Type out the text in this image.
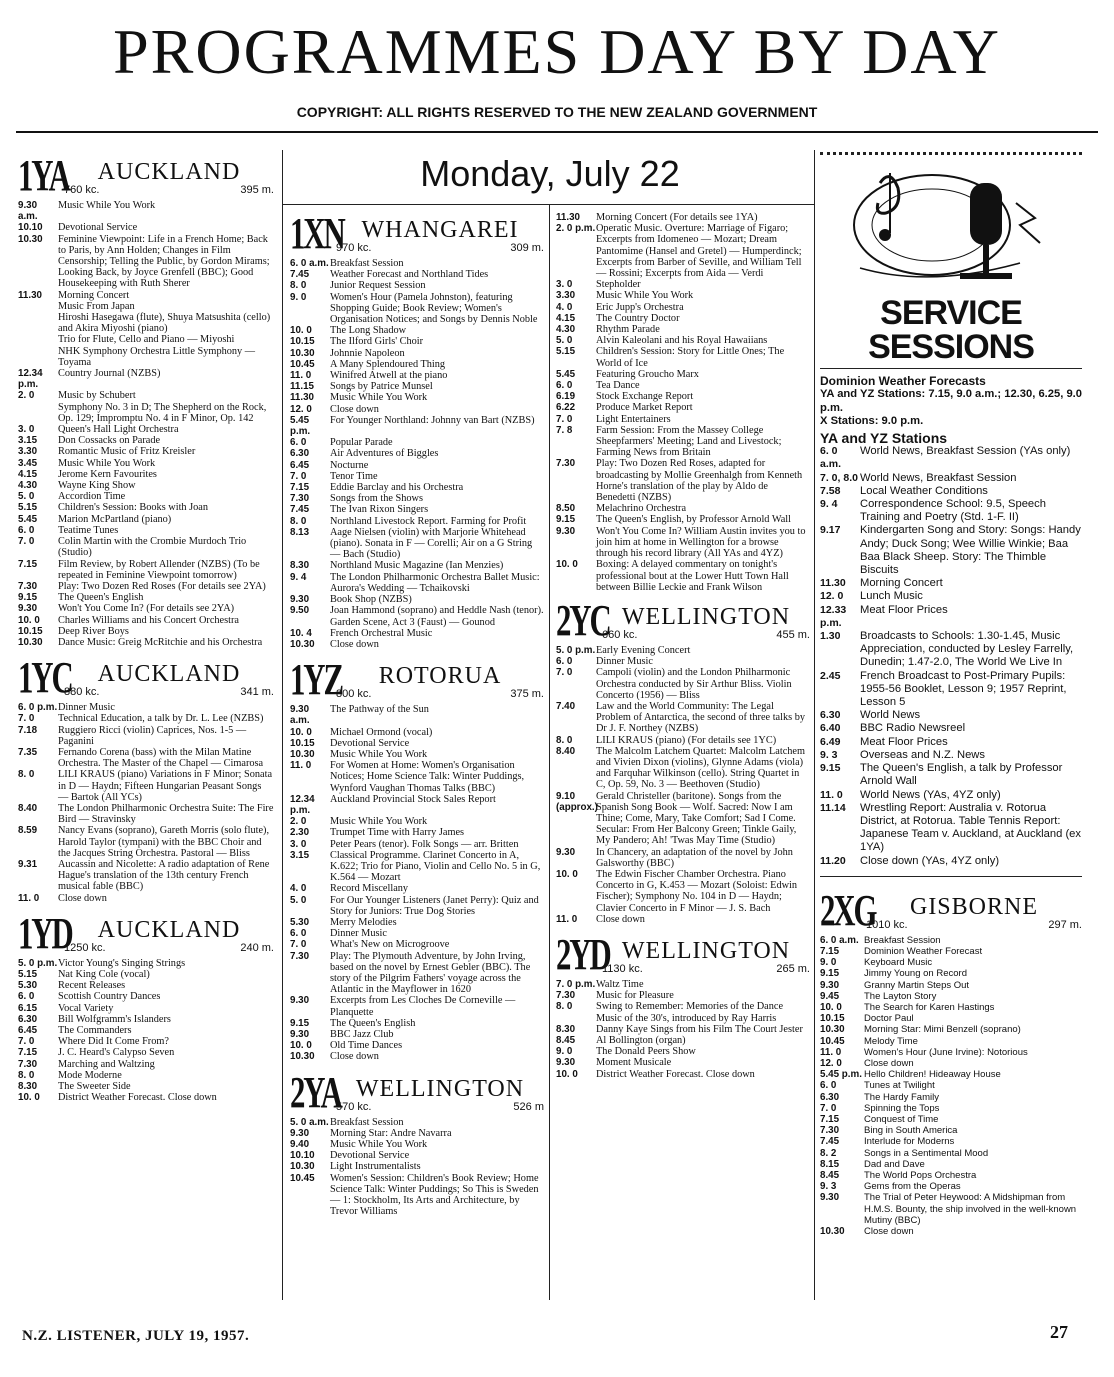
PROGRAMMES DAY BY DAY
COPYRIGHT: ALL RIGHTS RESERVED TO THE NEW ZEALAND GOVERNMENT
Monday, July 22
1YA	AUCKLAND
760 kc.	395 m.
9.30 a.m.
Music While You Work
10.10	Devotional Service
10.30	Feminine Viewpoint: Life in a French Home; Back to Paris, by Ann Holden; Changes in Film Censorship; Telling the Public, by Gordon Mirams; Looking Back, by Joyce Grenfell (BBC); Good Housekeeping with Ruth Sherer
11.30	Morning Concert
Music From Japan
Hiroshi Hasegawa (flute), Shuya Matsushita (cello) and Akira Miyoshi (piano)
Trio for Flute, Cello and Piano — Miyoshi
NHK Symphony Orchestra Little Symphony — Toyama
12.34 p.m.
Country Journal (NZBS)
2. 0	Music by Schubert
Symphony No. 3 in D; The Shepherd on the Rock, Op. 129; Impromptu No. 4 in F Minor, Op. 142
3. 0	Queen's Hall Light Orchestra
3.15	Don Cossacks on Parade
3.30	Romantic Music of Fritz Kreisler
3.45	Music While You Work
4.15	Jerome Kern Favourites
4.30	Wayne King Show
5. 0	Accordion Time
5.15	Children's Session: Books with Joan
5.45	Marion McPartland (piano)
6. 0	Teatime Tunes
7. 0	Colin Martin with the Crombie Murdoch Trio (Studio)
7.15	Film Review, by Robert Allender (NZBS) (To be repeated in Feminine Viewpoint tomorrow)
7.30	Play: Two Dozen Red Roses (For details see 2YA)
9.15	The Queen's English
9.30	Won't You Come In? (For details see 2YA)
10. 0	Charles Williams and his Concert Orchestra
10.15	Deep River Boys
10.30	Dance Music: Greig McRitchie and his Orchestra
1YC	AUCKLAND
880 kc.	341 m.
6. 0 p.m. Dinner Music
7. 0	Technical Education, a talk by Dr. L. Lee (NZBS)
7.18	Ruggiero Ricci (violin) Caprices, Nos. 1-5 — Paganini
7.35	Fernando Corena (bass) with the Milan Matine Orchestra. The Master of the Chapel — Cimarosa
8. 0	LILI KRAUS (piano) Variations in F Minor; Sonata in D — Haydn; Fifteen Hungarian Peasant Songs — Bartok (All YCs)
8.40	The London Philharmonic Orchestra Suite: The Fire Bird — Stravinsky
8.59	Nancy Evans (soprano), Gareth Morris (solo flute), Harold Taylor (tympani) with the BBC Choir and the Jacques String Orchestra. Pastoral — Bliss
9.31	Aucassin and Nicolette: A radio adaptation of Rene Hague's translation of the 13th century French musical fable (BBC)
11. 0	Close down
1YD	AUCKLAND
1250 kc.	240 m.
5. 0 p.m. Victor Young's Singing Strings
5.15	Nat King Cole (vocal)
5.30	Recent Releases
6. 0	Scottish Country Dances
6.15	Vocal Variety
6.30	Bill Wolfgramm's Islanders
6.45	The Commanders
7. 0	Where Did It Come From?
7.15	J. C. Heard's Calypso Seven
7.30	Marching and Waltzing
8. 0	Mode Moderne
8.30	The Sweeter Side
10. 0	District Weather Forecast. Close down
1XN WHANGAREI
970 kc.	309 m.
6. 0 a.m. Breakfast Session
7.45	Weather Forecast and Northland Tides
8. 0	Junior Request Session
9. 0	Women's Hour (Pamela Johnston), featuring Shopping Guide; Book Review; Women's Organisation Notices; and Songs by Dennis Noble
10. 0	The Long Shadow
10.15	The Ilford Girls' Choir
10.30	Johnnie Napoleon
10.45	A Many Splendoured Thing
11. 0	Winifred Atwell at the piano
11.15	Songs by Patrice Munsel
11.30	Music While You Work
12. 0	Close down
5.45 p.m.
For Younger Northland: Johnny van Bart (NZBS)
6. 0	Popular Parade
6.30	Air Adventures of Biggles
6.45	Nocturne
7. 0	Tenor Time
7.15	Eddie Barclay and his Orchestra
7.30	Songs from the Shows
7.45	The Ivan Rixon Singers
8. 0	Northland Livestock Report. Farming for Profit
8.13	Aage Nielsen (violin) with Marjorie Whitehead (piano). Sonata in F — Corelli; Air on a G String — Bach (Studio)
8.30	Northland Music Magazine (Ian Menzies)
9. 4	The London Philharmonic Orchestra Ballet Music: Aurora's Wedding — Tchaikovski
9.30	Book Shop (NZBS)
9.50	Joan Hammond (soprano) and Heddle Nash (tenor). Garden Scene, Act 3 (Faust) — Gounod
10. 4	French Orchestral Music
10.30	Close down
1YZ	ROTORUA
800 kc.	375 m.
9.30 a.m.
The Pathway of the Sun
10. 0	Michael Ormond (vocal)
10.15	Devotional Service
10.30	Music While You Work
11. 0	For Women at Home: Women's Organisation Notices; Home Science Talk: Winter Puddings, Wynford Vaughan Thomas Talks (BBC)
12.34 p.m.
Auckland Provincial Stock Sales Report
2. 0	Music While You Work
2.30	Trumpet Time with Harry James
3. 0	Peter Pears (tenor). Folk Songs — arr. Britten
3.15	Classical Programme. Clarinet Concerto in A, K.622; Trio for Piano, Violin and Cello No. 5 in G, K.564 — Mozart
4. 0	Record Miscellany
5. 0	For Our Younger Listeners (Janet Perry): Quiz and Story for Juniors: True Dog Stories
5.30	Merry Melodies
6. 0	Dinner Music
7. 0	What's New on Microgroove
7.30	Play: The Plymouth Adventure, by John Irving, based on the novel by Ernest Gebler (BBC). The story of the Pilgrim Fathers' voyage across the Atlantic in the Mayflower in 1620
9.30	Excerpts from Les Cloches De Corneville — Planquette
9.15	The Queen's English
9.30	BBC Jazz Club
10. 0	Old Time Dances
10.30	Close down
2YA WELLINGTON
570 kc.	526 m
5. 0 a.m. Breakfast Session
9.30	Morning Star: Andre Navarra
9.40	Music While You Work
10.10	Devotional Service
10.30	Light Instrumentalists
10.45	Women's Session: Children's Book Review; Home Science Talk: Winter Puddings; So This is Sweden — 1: Stockholm, Its Arts and Architecture, by Trevor Williams
11.30	Morning Concert (For details see 1YA)
2. 0 p.m. Operatic Music. Overture: Marriage of Figaro; Excerpts from Idomeneo — Mozart; Dream Pantomime (Hansel and Gretel) — Humperdinck; Excerpts from Barber of Seville, and William Tell — Rossini; Excerpts from Aida — Verdi
3. 0	Stepholder
3.30	Music While You Work
4. 0	Eric Jupp's Orchestra
4.15	The Country Doctor
4.30	Rhythm Parade
5. 0	Alvin Kaleolani and his Royal Hawaiians
5.15	Children's Session: Story for Little Ones; The World of Ice
5.45	Featuring Groucho Marx
6. 0	Tea Dance
6.19	Stock Exchange Report
6.22	Produce Market Report
7. 0	Light Entertainers
7. 8	Farm Session: From the Massey College Sheepfarmers' Meeting; Land and Livestock; Farming News from Britain
7.30	Play: Two Dozen Red Roses, adapted for broadcasting by Mollie Greenhalgh from Kenneth Horne's translation of the play by Aldo de Benedetti (NZBS)
8.50	Melachrino Orchestra
9.15	The Queen's English, by Professor Arnold Wall
9.30	Won't You Come In? William Austin invites you to join him at home in Wellington for a browse through his record library (All YAs and 4YZ)
10. 0	Boxing: A delayed commentary on tonight's professional bout at the Lower Hutt Town Hall between Billie Leckie and Frank Wilson
2YC WELLINGTON
660 kc.	455 m.
5. 0 p.m. Early Evening Concert
6. 0	Dinner Music
7. 0	Campoli (violin) and the London Philharmonic Orchestra conducted by Sir Arthur Bliss. Violin Concerto (1956) — Bliss
7.40	Law and the World Community: The Legal Problem of Antarctica, the second of three talks by Dr J. F. Northey (NZBS)
8. 0	LILI KRAUS (piano) (For details see 1YC)
8.40	The Malcolm Latchem Quartet: Malcolm Latchem and Vivien Dixon (violins), Glynne Adams (viola) and Farquhar Wilkinson (cello). String Quartet in C, Op. 59, No. 3 — Beethoven (Studio)
9.10 (approx.)
Gerald Christeller (baritone). Songs from the Spanish Song Book — Wolf. Sacred: Now I am Thine; Come, Mary, Take Comfort; Sad I Come. Secular: From Her Balcony Green; Tinkle Gaily, My Pandero; Ah! 'Twas May Time (Studio)
9.30	In Chancery, an adaptation of the novel by John Galsworthy (BBC)
10. 0	The Edwin Fischer Chamber Orchestra. Piano Concerto in G, K.453 — Mozart (Soloist: Edwin Fischer); Symphony No. 104 in D — Haydn; Clavier Concerto in F Minor — J. S. Bach
11. 0	Close down
2YD WELLINGTON
1130 kc.	265 m.
7. 0 p.m. Waltz Time
7.30	Music for Pleasure
8. 0	Swing to Remember: Memories of the Dance Music of the 30's, introduced by Ray Harris
8.30	Danny Kaye Sings from his Film The Court Jester
8.45	Al Bollington (organ)
9. 0	The Donald Peers Show
9.30	Moment Musicale
10. 0	District Weather Forecast. Close down
SERVICE
SESSIONS
Dominion Weather Forecasts
YA and YZ Stations: 7.15, 9.0 a.m.; 12.30, 6.25, 9.0 p.m.
X Stations: 9.0 p.m.
YA and YZ Stations
6. 0 a.m.
World News, Breakfast Session (YAs only)
7. 0, 8.0 World News, Breakfast Session
7.58	Local Weather Conditions
9. 4	Correspondence School: 9.5, Speech Training and Poetry (Std. 1-F. II)
9.17	Kindergarten Song and Story: Songs: Handy Andy; Duck Song; Wee Willie Winkie; Baa Baa Black Sheep. Story: The Thimble Biscuits
11.30	Morning Concert
12. 0	Lunch Music
12.33 p.m.
Meat Floor Prices
1.30	Broadcasts to Schools: 1.30-1.45, Music Appreciation, conducted by Lesley Farrelly, Dunedin; 1.47-2.0, The World We Live In
2.45	French Broadcast to Post-Primary Pupils: 1955-56 Booklet, Lesson 9; 1957 Reprint, Lesson 5
6.30	World News
6.40	BBC Radio Newsreel
6.49	Meat Floor Prices
9. 3	Overseas and N.Z. News
9.15	The Queen's English, a talk by Professor Arnold Wall
11. 0	World News (YAs, 4YZ only)
11.14	Wrestling Report: Australia v. Rotorua District, at Rotorua. Table Tennis Report: Japanese Team v. Auckland, at Auckland (ex 1YA)
11.20	Close down (YAs, 4YZ only)
2XG	GISBORNE
1010 kc.	297 m.
6. 0 a.m. Breakfast Session
7.15	Dominion Weather Forecast
9. 0	Keyboard Music
9.15	Jimmy Young on Record
9.30	Granny Martin Steps Out
9.45	The Layton Story
10. 0	The Search for Karen Hastings
10.15	Doctor Paul
10.30	Morning Star: Mimi Benzell (soprano)
10.45	Melody Time
11. 0	Women's Hour (June Irvine): Notorious
12. 0	Close down
5.45 p.m. Hello Children! Hideaway House
6. 0	Tunes at Twilight
6.30	The Hardy Family
7. 0	Spinning the Tops
7.15	Conquest of Time
7.30	Bing in South America
7.45	Interlude for Moderns
8. 2	Songs in a Sentimental Mood
8.15	Dad and Dave
8.45	The World Pops Orchestra
9. 3	Gems from the Operas
9.30	The Trial of Peter Heywood: A Midshipman from H.M.S. Bounty, the ship involved in the well-known Mutiny (BBC)
10.30	Close down
N.Z. LISTENER, JULY 19, 1957.	27
